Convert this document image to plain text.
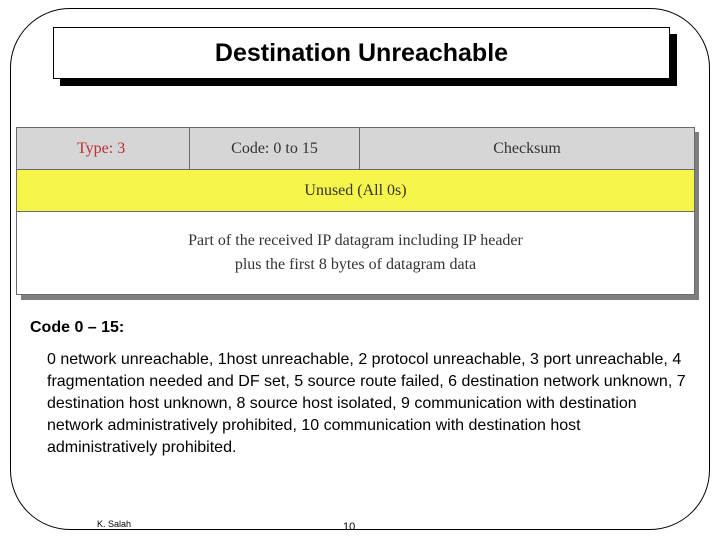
Destination Unreachable
Type: 3	Code: 0 to 15	Checksum
Unused (All 0s)
Part of the received IP datagram including IP header
plus the first 8 bytes of datagram data
Code 0 – 15:
0 network unreachable, 1host unreachable, 2 protocol unreachable, 3 port unreachable, 4 fragmentation needed and DF set, 5 source route failed, 6 destination network unknown, 7 destination host unknown, 8 source host isolated, 9 communication with destination network administratively prohibited, 10 communication with destination host administratively prohibited.
K. Salah	10
